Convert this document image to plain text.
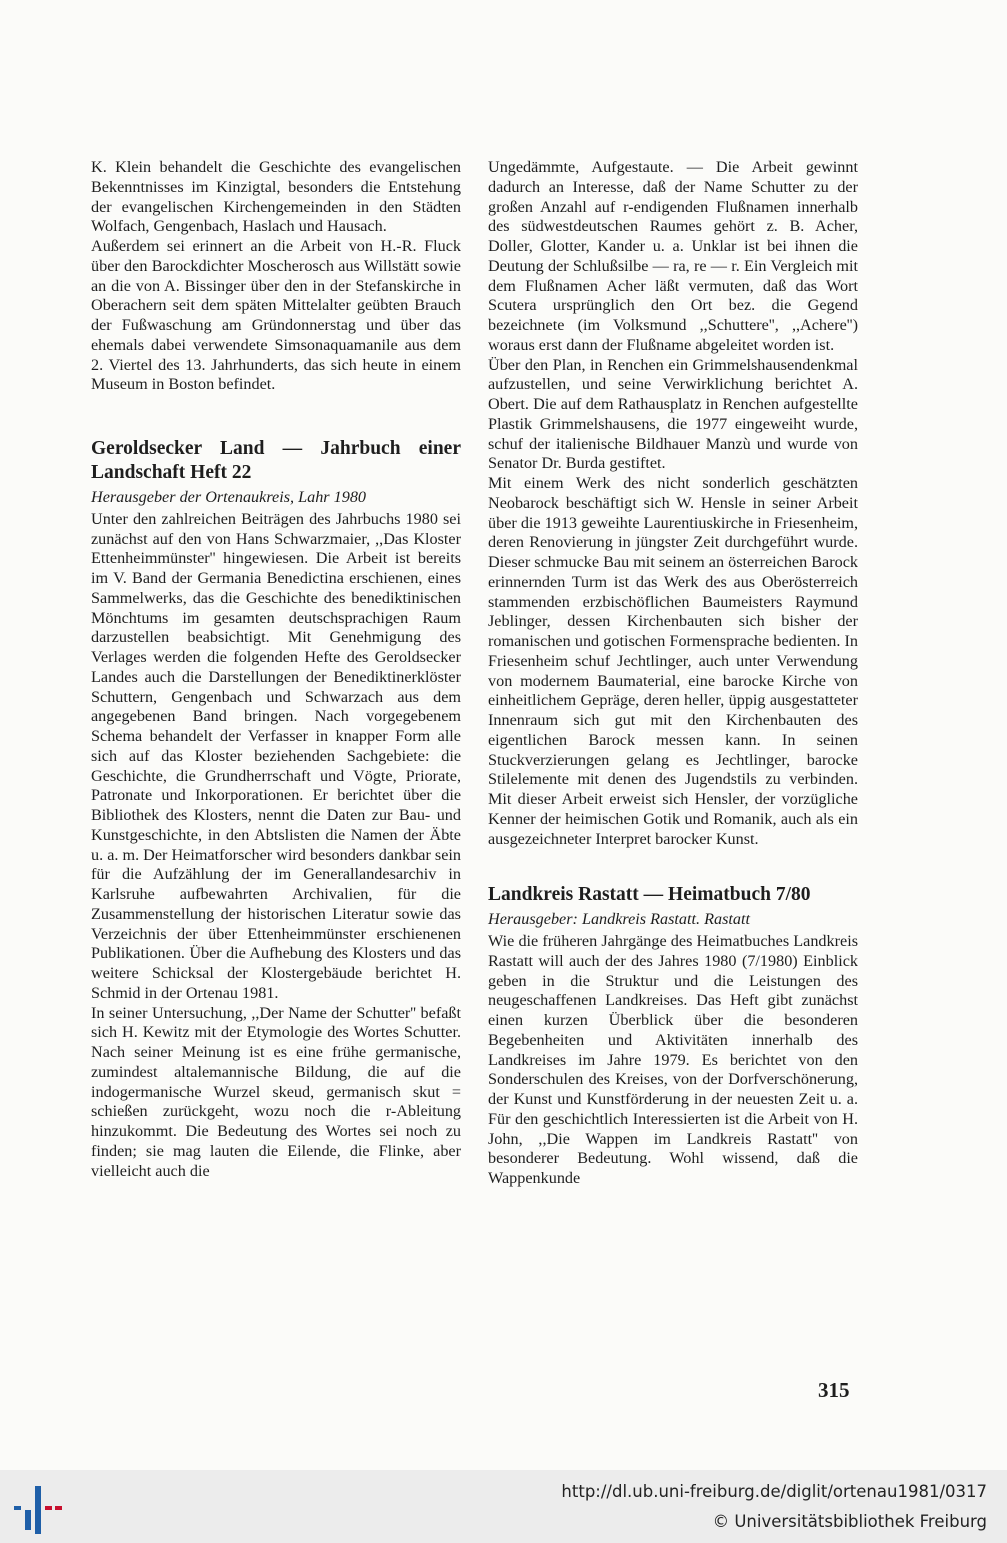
K. Klein behandelt die Geschichte des evangelischen Bekenntnisses im Kinzigtal, besonders die Entstehung der evangelischen Kirchengemeinden in den Städten Wolfach, Gengenbach, Haslach und Hausach.

Außerdem sei erinnert an die Arbeit von H.-R. Fluck über den Barockdichter Moscherosch aus Willstätt sowie an die von A. Bissinger über den in der Stefanskirche in Oberachern seit dem späten Mittelalter geübten Brauch der Fußwaschung am Gründonnerstag und über das ehemals dabei verwendete Simsonaquamanile aus dem 2. Viertel des 13. Jahrhunderts, das sich heute in einem Museum in Boston befindet.

Geroldsecker Land — Jahrbuch einer Landschaft Heft 22

Herausgeber der Ortenaukreis, Lahr 1980

Unter den zahlreichen Beiträgen des Jahrbuchs 1980 sei zunächst auf den von Hans Schwarzmaier, ,,Das Kloster Ettenheimmünster'' hingewiesen. Die Arbeit ist bereits im V. Band der Germania Benedictina erschienen, eines Sammelwerks, das die Geschichte des benediktinischen Mönchtums im gesamten deutschsprachigen Raum darzustellen beabsichtigt. Mit Genehmigung des Verlages werden die folgenden Hefte des Geroldsecker Landes auch die Darstellungen der Benediktinerklöster Schuttern, Gengenbach und Schwarzach aus dem angegebenen Band bringen. Nach vorgegebenem Schema behandelt der Verfasser in knapper Form alle sich auf das Kloster beziehenden Sachgebiete: die Geschichte, die Grundherrschaft und Vögte, Priorate, Patronate und Inkorporationen. Er berichtet über die Bibliothek des Klosters, nennt die Daten zur Bau- und Kunstgeschichte, in den Abtslisten die Namen der Äbte u. a. m. Der Heimatforscher wird besonders dankbar sein für die Aufzählung der im Generallandesarchiv in Karlsruhe aufbewahrten Archivalien, für die Zusammenstellung der historischen Literatur sowie das Verzeichnis der über Ettenheimmünster erschienenen Publikationen. Über die Aufhebung des Klosters und das weitere Schicksal der Klostergebäude berichtet H. Schmid in der Ortenau 1981.

In seiner Untersuchung, ,,Der Name der Schutter'' befaßt sich H. Kewitz mit der Etymologie des Wortes Schutter. Nach seiner Meinung ist es eine frühe germanische, zumindest altalemannische Bildung, die auf die indogermanische Wurzel skeud, germanisch skut = schießen zurückgeht, wozu noch die r-Ableitung hinzukommt. Die Bedeutung des Wortes sei noch zu finden; sie mag lauten die Eilende, die Flinke, aber vielleicht auch die

Ungedämmte, Aufgestaute. — Die Arbeit gewinnt dadurch an Interesse, daß der Name Schutter zu der großen Anzahl auf r-endigenden Flußnamen innerhalb des südwestdeutschen Raumes gehört z. B. Acher, Doller, Glotter, Kander u. a. Unklar ist bei ihnen die Deutung der Schlußsilbe — ra, re — r. Ein Vergleich mit dem Flußnamen Acher läßt vermuten, daß das Wort Scutera ursprünglich den Ort bez. die Gegend bezeichnete (im Volksmund ,,Schuttere'', ,,Achere'') woraus erst dann der Flußname abgeleitet worden ist.

Über den Plan, in Renchen ein Grimmelshausendenkmal aufzustellen, und seine Verwirklichung berichtet A. Obert. Die auf dem Rathausplatz in Renchen aufgestellte Plastik Grimmelshausens, die 1977 eingeweiht wurde, schuf der italienische Bildhauer Manzù und wurde von Senator Dr. Burda gestiftet.

Mit einem Werk des nicht sonderlich geschätzten Neobarock beschäftigt sich W. Hensle in seiner Arbeit über die 1913 geweihte Laurentiuskirche in Friesenheim, deren Renovierung in jüngster Zeit durchgeführt wurde. Dieser schmucke Bau mit seinem an österreichen Barock erinnernden Turm ist das Werk des aus Oberösterreich stammenden erzbischöflichen Baumeisters Raymund Jeblinger, dessen Kirchenbauten sich bisher der romanischen und gotischen Formensprache bedienten. In Friesenheim schuf Jechtlinger, auch unter Verwendung von modernem Baumaterial, eine barocke Kirche von einheitlichem Gepräge, deren heller, üppig ausgestatteter Innenraum sich gut mit den Kirchenbauten des eigentlichen Barock messen kann. In seinen Stuckverzierungen gelang es Jechtlinger, barocke Stilelemente mit denen des Jugendstils zu verbinden. Mit dieser Arbeit erweist sich Hensler, der vorzügliche Kenner der heimischen Gotik und Romanik, auch als ein ausgezeichneter Interpret barocker Kunst.

Landkreis Rastatt — Heimatbuch 7/80

Herausgeber: Landkreis Rastatt. Rastatt

Wie die früheren Jahrgänge des Heimatbuches Landkreis Rastatt will auch der des Jahres 1980 (7/1980) Einblick geben in die Struktur und die Leistungen des neugeschaffenen Landkreises. Das Heft gibt zunächst einen kurzen Überblick über die besonderen Begebenheiten und Aktivitäten innerhalb des Landkreises im Jahre 1979. Es berichtet von den Sonderschulen des Kreises, von der Dorfverschönerung, der Kunst und Kunstförderung in der neuesten Zeit u. a. Für den geschichtlich Interessierten ist die Arbeit von H. John, ,,Die Wappen im Landkreis Rastatt'' von besonderer Bedeutung. Wohl wissend, daß die Wappenkunde

315
http://dl.ub.uni-freiburg.de/diglit/ortenau1981/0317
© Universitätsbibliothek Freiburg
